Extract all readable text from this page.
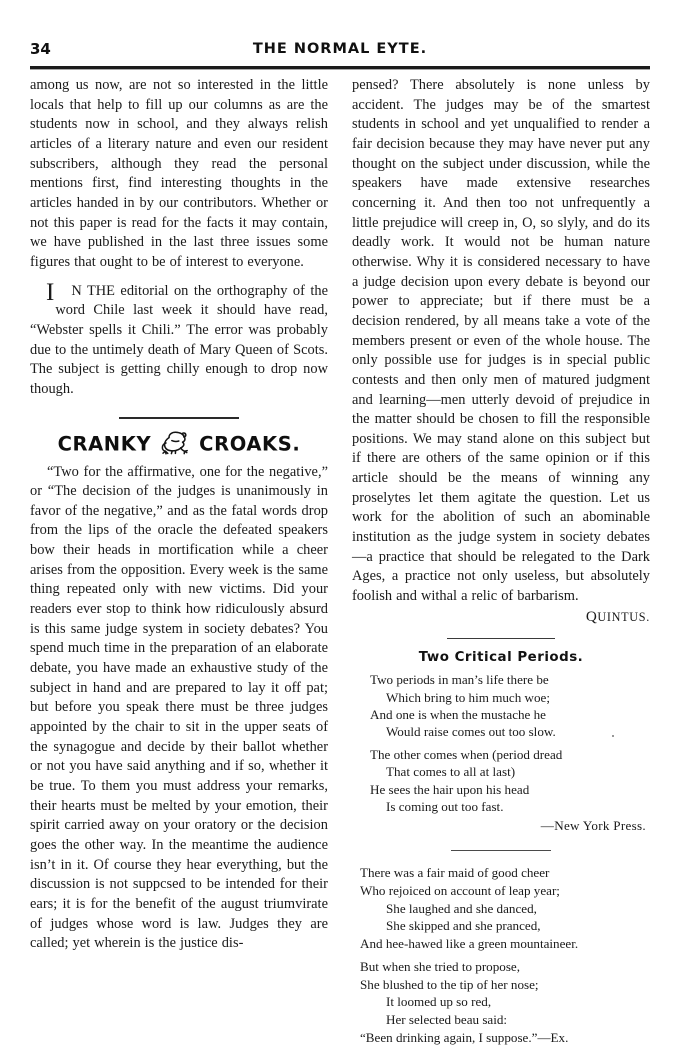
34	THE NORMAL EYTE.

among us now, are not so interested in the little locals that help to fill up our columns as are the students now in school, and they always relish articles of a literary nature and even our resident subscribers, although they read the personal mentions first, find interesting thoughts in the articles handed in by our contributors. Whether or not this paper is read for the facts it may contain, we have published in the last three issues some figures that ought to be of interest to everyone.

I N THE editorial on the orthography of the word Chile last week it should have read, “Webster spells it Chili.” The error was probably due to the untimely death of Mary Queen of Scots. The subject is getting chilly enough to drop now though.

CRANKY CROAKS.

“Two for the affirmative, one for the negative,” or “The decision of the judges is unanimously in favor of the negative,” and as the fatal words drop from the lips of the oracle the defeated speakers bow their heads in mortification while a cheer arises from the opposition. Every week is the same thing repeated only with new victims. Did your readers ever stop to think how ridiculously absurd is this same judge system in society debates? You spend much time in the preparation of an elaborate debate, you have made an exhaustive study of the subject in hand and are prepared to lay it off pat; but before you speak there must be three judges appointed by the chair to sit in the upper seats of the synagogue and decide by their ballot whether or not you have said anything and if so, whether it be true. To them you must address your remarks, their hearts must be melted by your emotion, their spirit carried away on your oratory or the decision goes the other way. In the meantime the audience isn’t in it. Of course they hear everything, but the discussion is not suppcsed to be intended for their ears; it is for the benefit of the august triumvirate of judges whose word is law. Judges they are called; yet wherein is the justice dis-

pensed? There absolutely is none unless by accident. The judges may be of the smartest students in school and yet unqualified to render a fair decision because they may have never put any thought on the subject under discussion, while the speakers have made extensive researches concerning it. And then too not unfrequently a little prejudice will creep in, O, so slyly, and do its deadly work. It would not be human nature otherwise. Why it is considered necessary to have a judge decision upon every debate is beyond our power to appreciate; but if there must be a decision rendered, by all means take a vote of the members present or even of the whole house. The only possible use for judges is in special public contests and then only men of matured judgment and learning—men utterly devoid of prejudice in the matter should be chosen to fill the responsible positions. We may stand alone on this subject but if there are others of the same opinion or if this article should be the means of winning any proselytes let them agitate the question. Let us work for the abolition of such an abominable institution as the judge system in society debates—a practice that should be relegated to the Dark Ages, a practice not only useless, but absolutely foolish and withal a relic of barbarism.

QUINTUS.
Two Critical Periods.
Two periods in man’s life there be
Which bring to him much woe;
And one is when the mustache he
Would raise comes out too slow.
The other comes when (period dread
That comes to all at last)
He sees the hair upon his head
Is coming out too fast.
—New York Press.
There was a fair maid of good cheer
Who rejoiced on account of leap year;
She laughed and she danced,
She skipped and she pranced,
And hee-hawed like a green mountaineer.
But when she tried to propose,
She blushed to the tip of her nose;
It loomed up so red,
Her selected beau said:
“Been drinking again, I suppose.”—Ex.
